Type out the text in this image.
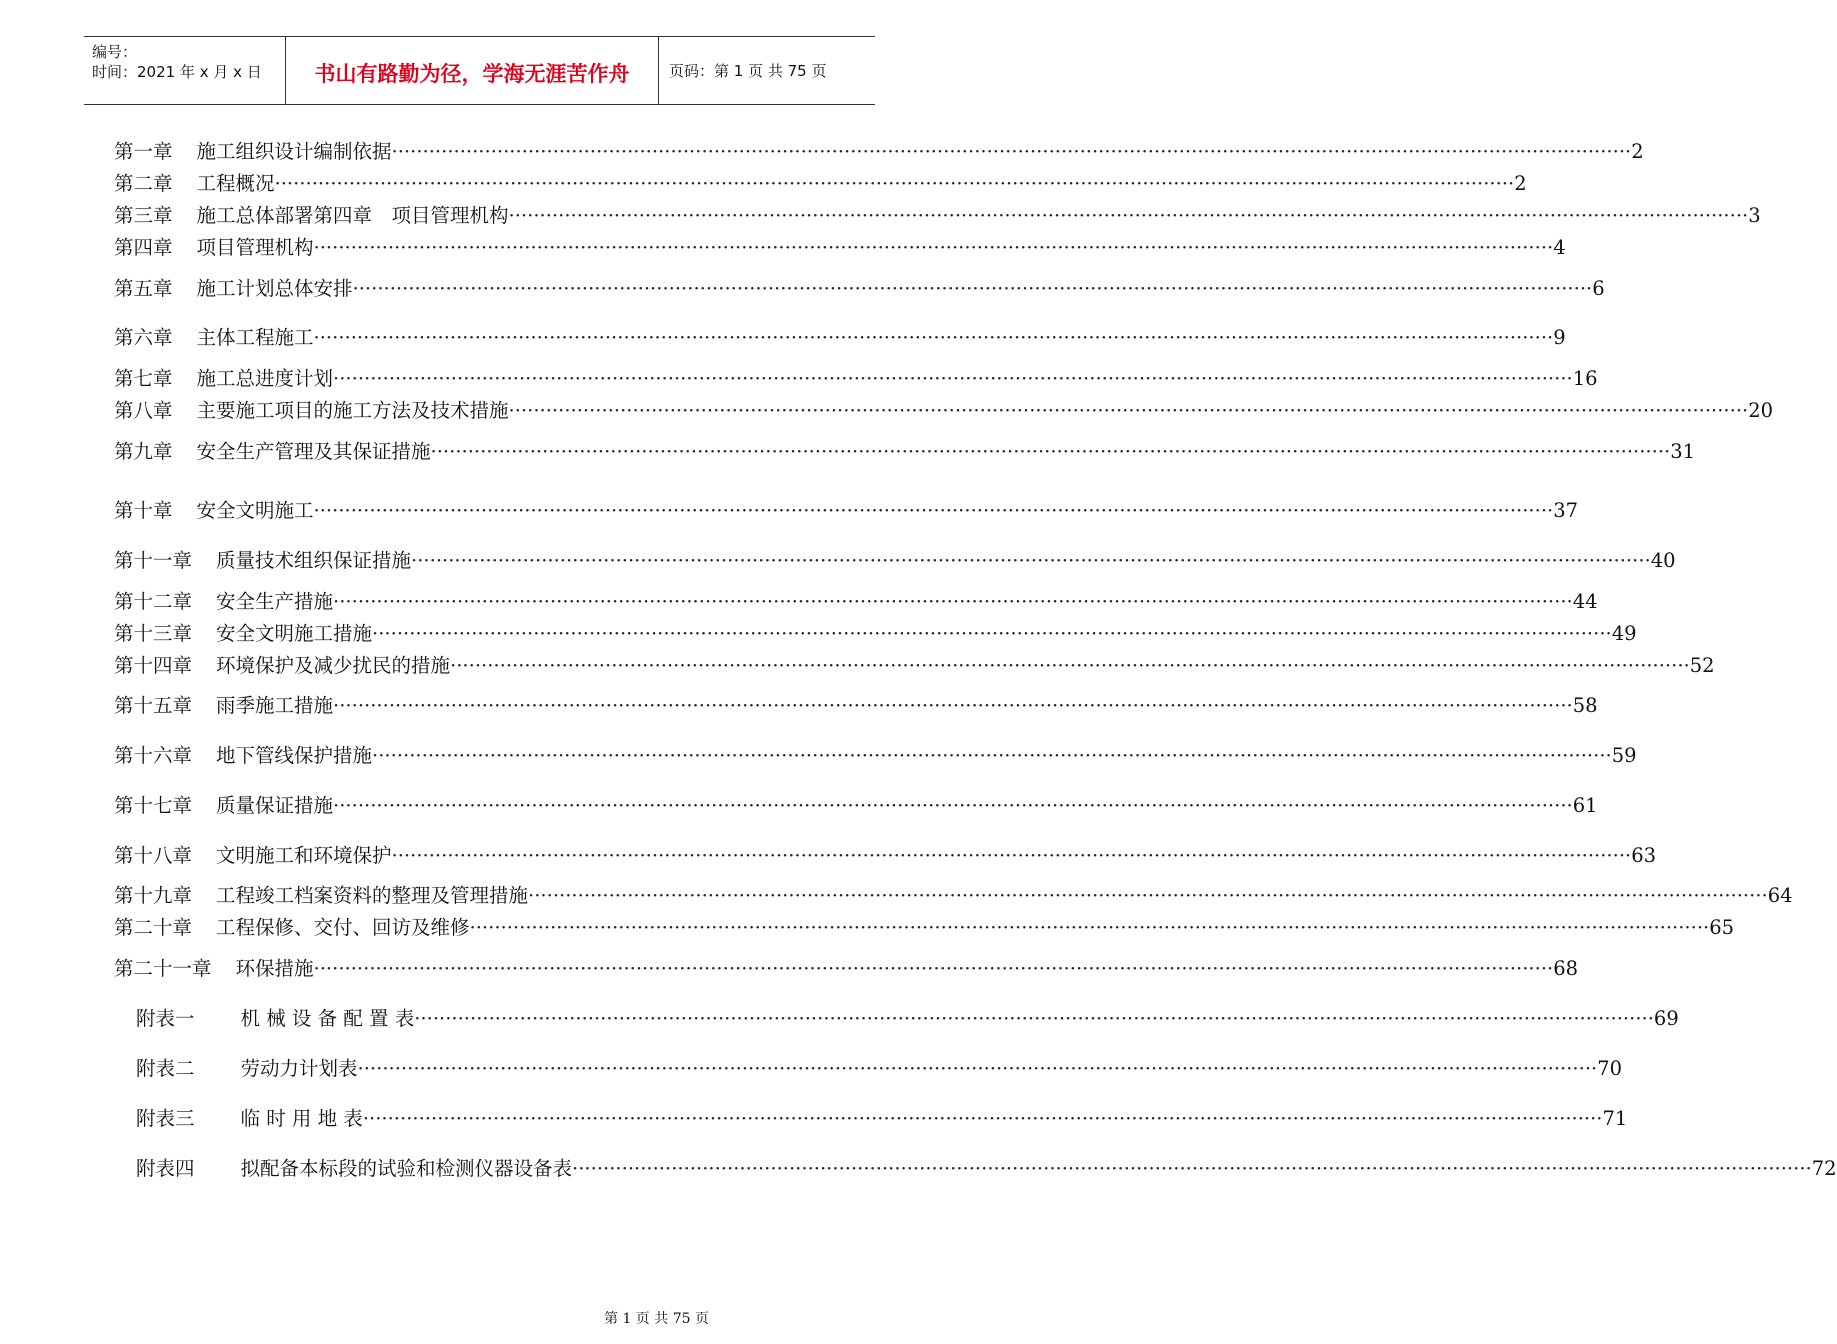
编号：
时间：2021 年 x 月 x 日	书山有路勤为径，学海无涯苦作舟	页码：第 1 页 共 75 页
第一章 施工组织设计编制依据 ········································································································································································································ 2
第二章 工程概况 ········································································································································································································ 2
第三章 施工总体部署第四章　项目管理机构 ········································································································································································································ 3
第四章 项目管理机构 ········································································································································································································ 4
第五章 施工计划总体安排 ········································································································································································································ 6
第六章 主体工程施工 ········································································································································································································ 9
第七章 施工总进度计划 ········································································································································································································ 16
第八章 主要施工项目的施工方法及技术措施 ········································································································································································································ 20
第九章 安全生产管理及其保证措施 ········································································································································································································ 31
第十章 安全文明施工 ········································································································································································································ 37
第十一章 质量技术组织保证措施 ········································································································································································································ 40
第十二章 安全生产措施 ········································································································································································································ 44
第十三章 安全文明施工措施 ········································································································································································································ 49
第十四章 环境保护及减少扰民的措施 ········································································································································································································ 52
第十五章 雨季施工措施 ········································································································································································································ 58
第十六章 地下管线保护措施 ········································································································································································································ 59
第十七章 质量保证措施 ········································································································································································································ 61
第十八章 文明施工和环境保护 ········································································································································································································ 63
第十九章 工程竣工档案资料的整理及管理措施 ········································································································································································································ 64
第二十章 工程保修、交付、回访及维修 ········································································································································································································ 65
第二十一章 环保措施 ········································································································································································································ 68
附表一 机 械 设 备 配 置 表 ········································································································································································································ 69
附表二 劳动力计划表 ········································································································································································································ 70
附表三 临 时 用 地 表 ········································································································································································································ 71
附表四 拟配备本标段的试验和检测仪器设备表 ········································································································································································································ 72
第 1 页 共 75 页
